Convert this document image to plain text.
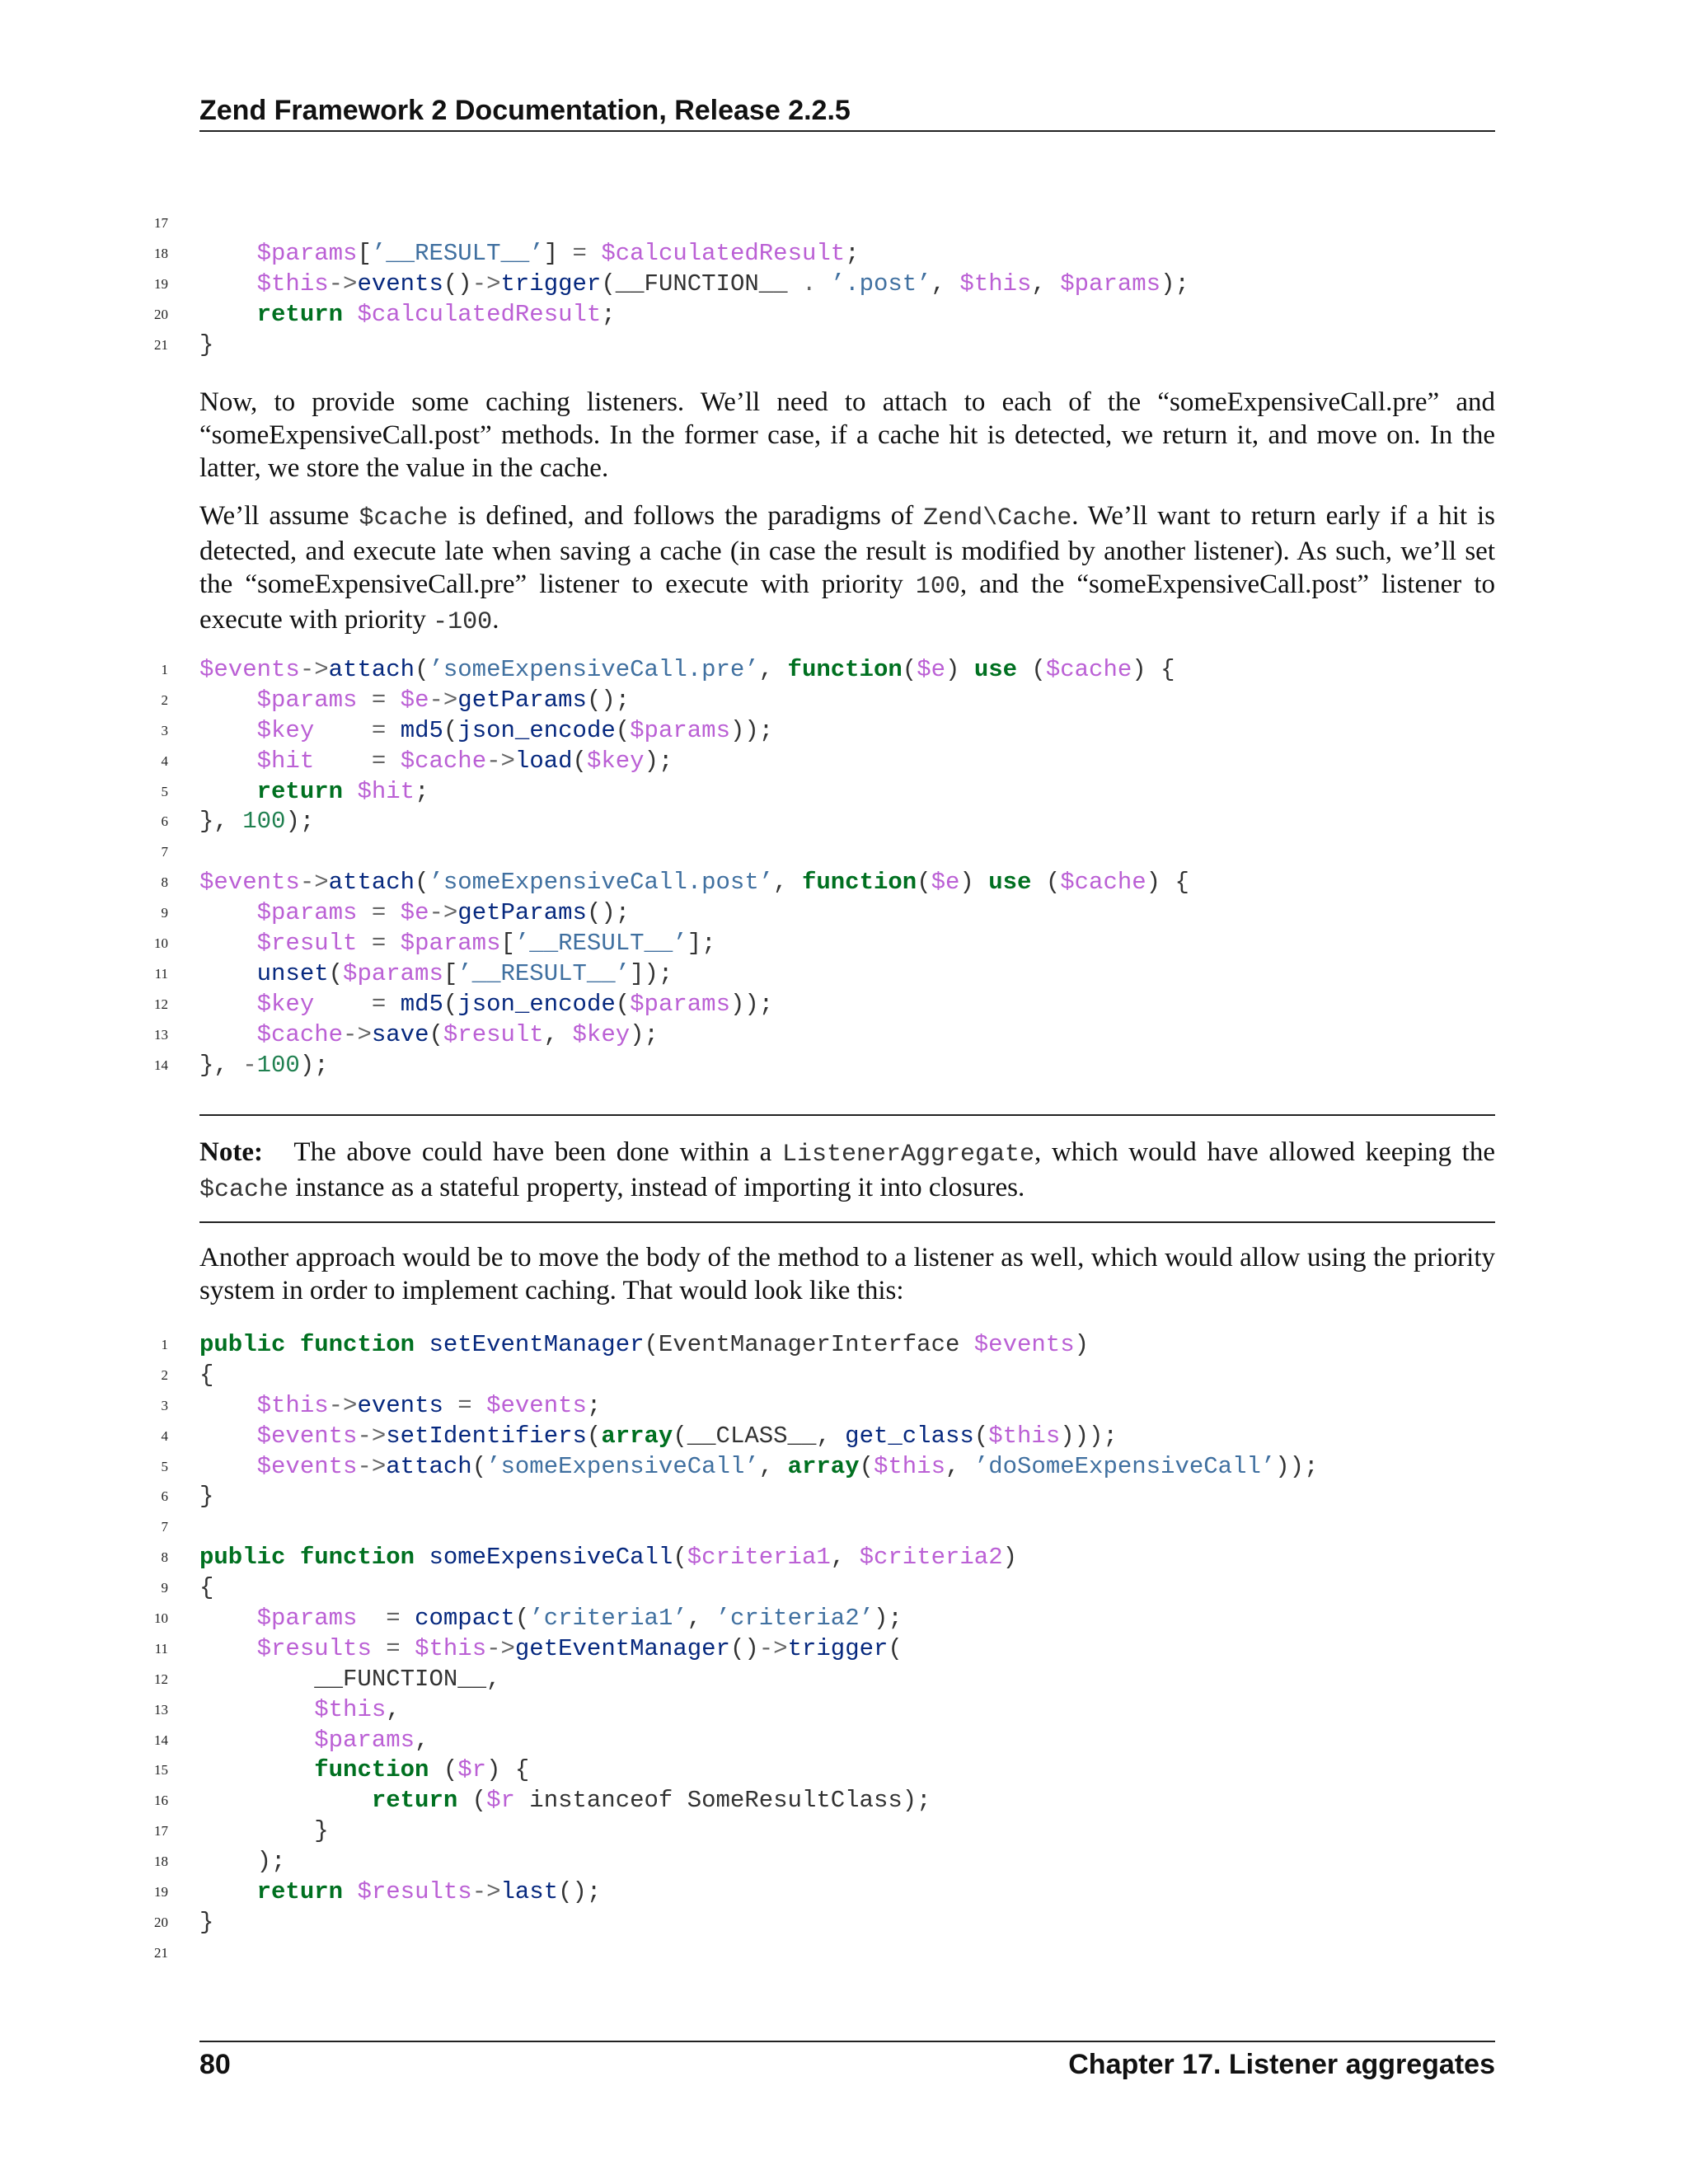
Zend Framework 2 Documentation, Release 2.2.5
17
18	$params[’__RESULT__’] = $calculatedResult;
19	$this->events()->trigger(__FUNCTION__ . ’.post’, $this, $params);
20	return $calculatedResult;
21 }

Now, to provide some caching listeners. We’ll need to attach to each of the “someExpensiveCall.pre” and “someExpensiveCall.post” methods. In the former case, if a cache hit is detected, we return it, and move on. In the latter, we store the value in the cache.

We’ll assume $cache is defined, and follows the paradigms of Zend\Cache. We’ll want to return early if a hit is detected, and execute late when saving a cache (in case the result is modified by another listener). As such, we’ll set the “someExpensiveCall.pre” listener to execute with priority 100, and the “someExpensiveCall.post” listener to execute with priority -100.

1 $events->attach(’someExpensiveCall.pre’, function($e) use ($cache) {
2	$params = $e->getParams();
3	$key = md5(json_encode($params));
4	$hit = $cache->load($key);
5	return $hit;
6 }, 100);
7
8 $events->attach(’someExpensiveCall.post’, function($e) use ($cache) {
9	$params = $e->getParams();
10	$result = $params[’__RESULT__’];
11	unset($params[’__RESULT__’]);
12	$key = md5(json_encode($params));
13	$cache->save($result, $key);
14 }, -100);

Note: The above could have been done within a ListenerAggregate, which would have allowed keeping the $cache instance as a stateful property, instead of importing it into closures.

Another approach would be to move the body of the method to a listener as well, which would allow using the priority system in order to implement caching. That would look like this:

1 public function setEventManager(EventManagerInterface $events)
2 {
3	$this->events = $events;
4	$events->setIdentifiers(array(__CLASS__, get_class($this)));
5	$events->attach(’someExpensiveCall’, array($this, ’doSomeExpensiveCall’));
6 }
7
8 public function someExpensiveCall($criteria1, $criteria2)
9 {
10	$params = compact(’criteria1’, ’criteria2’);
11	$results = $this->getEventManager()->trigger(
12 __FUNCTION__,
13	$this,
14	$params,
15	function ($r) {
16	return ($r instanceof SomeResultClass);
17 }
18 );
19	return $results->last();
20 }
21
80	Chapter 17. Listener aggregates
